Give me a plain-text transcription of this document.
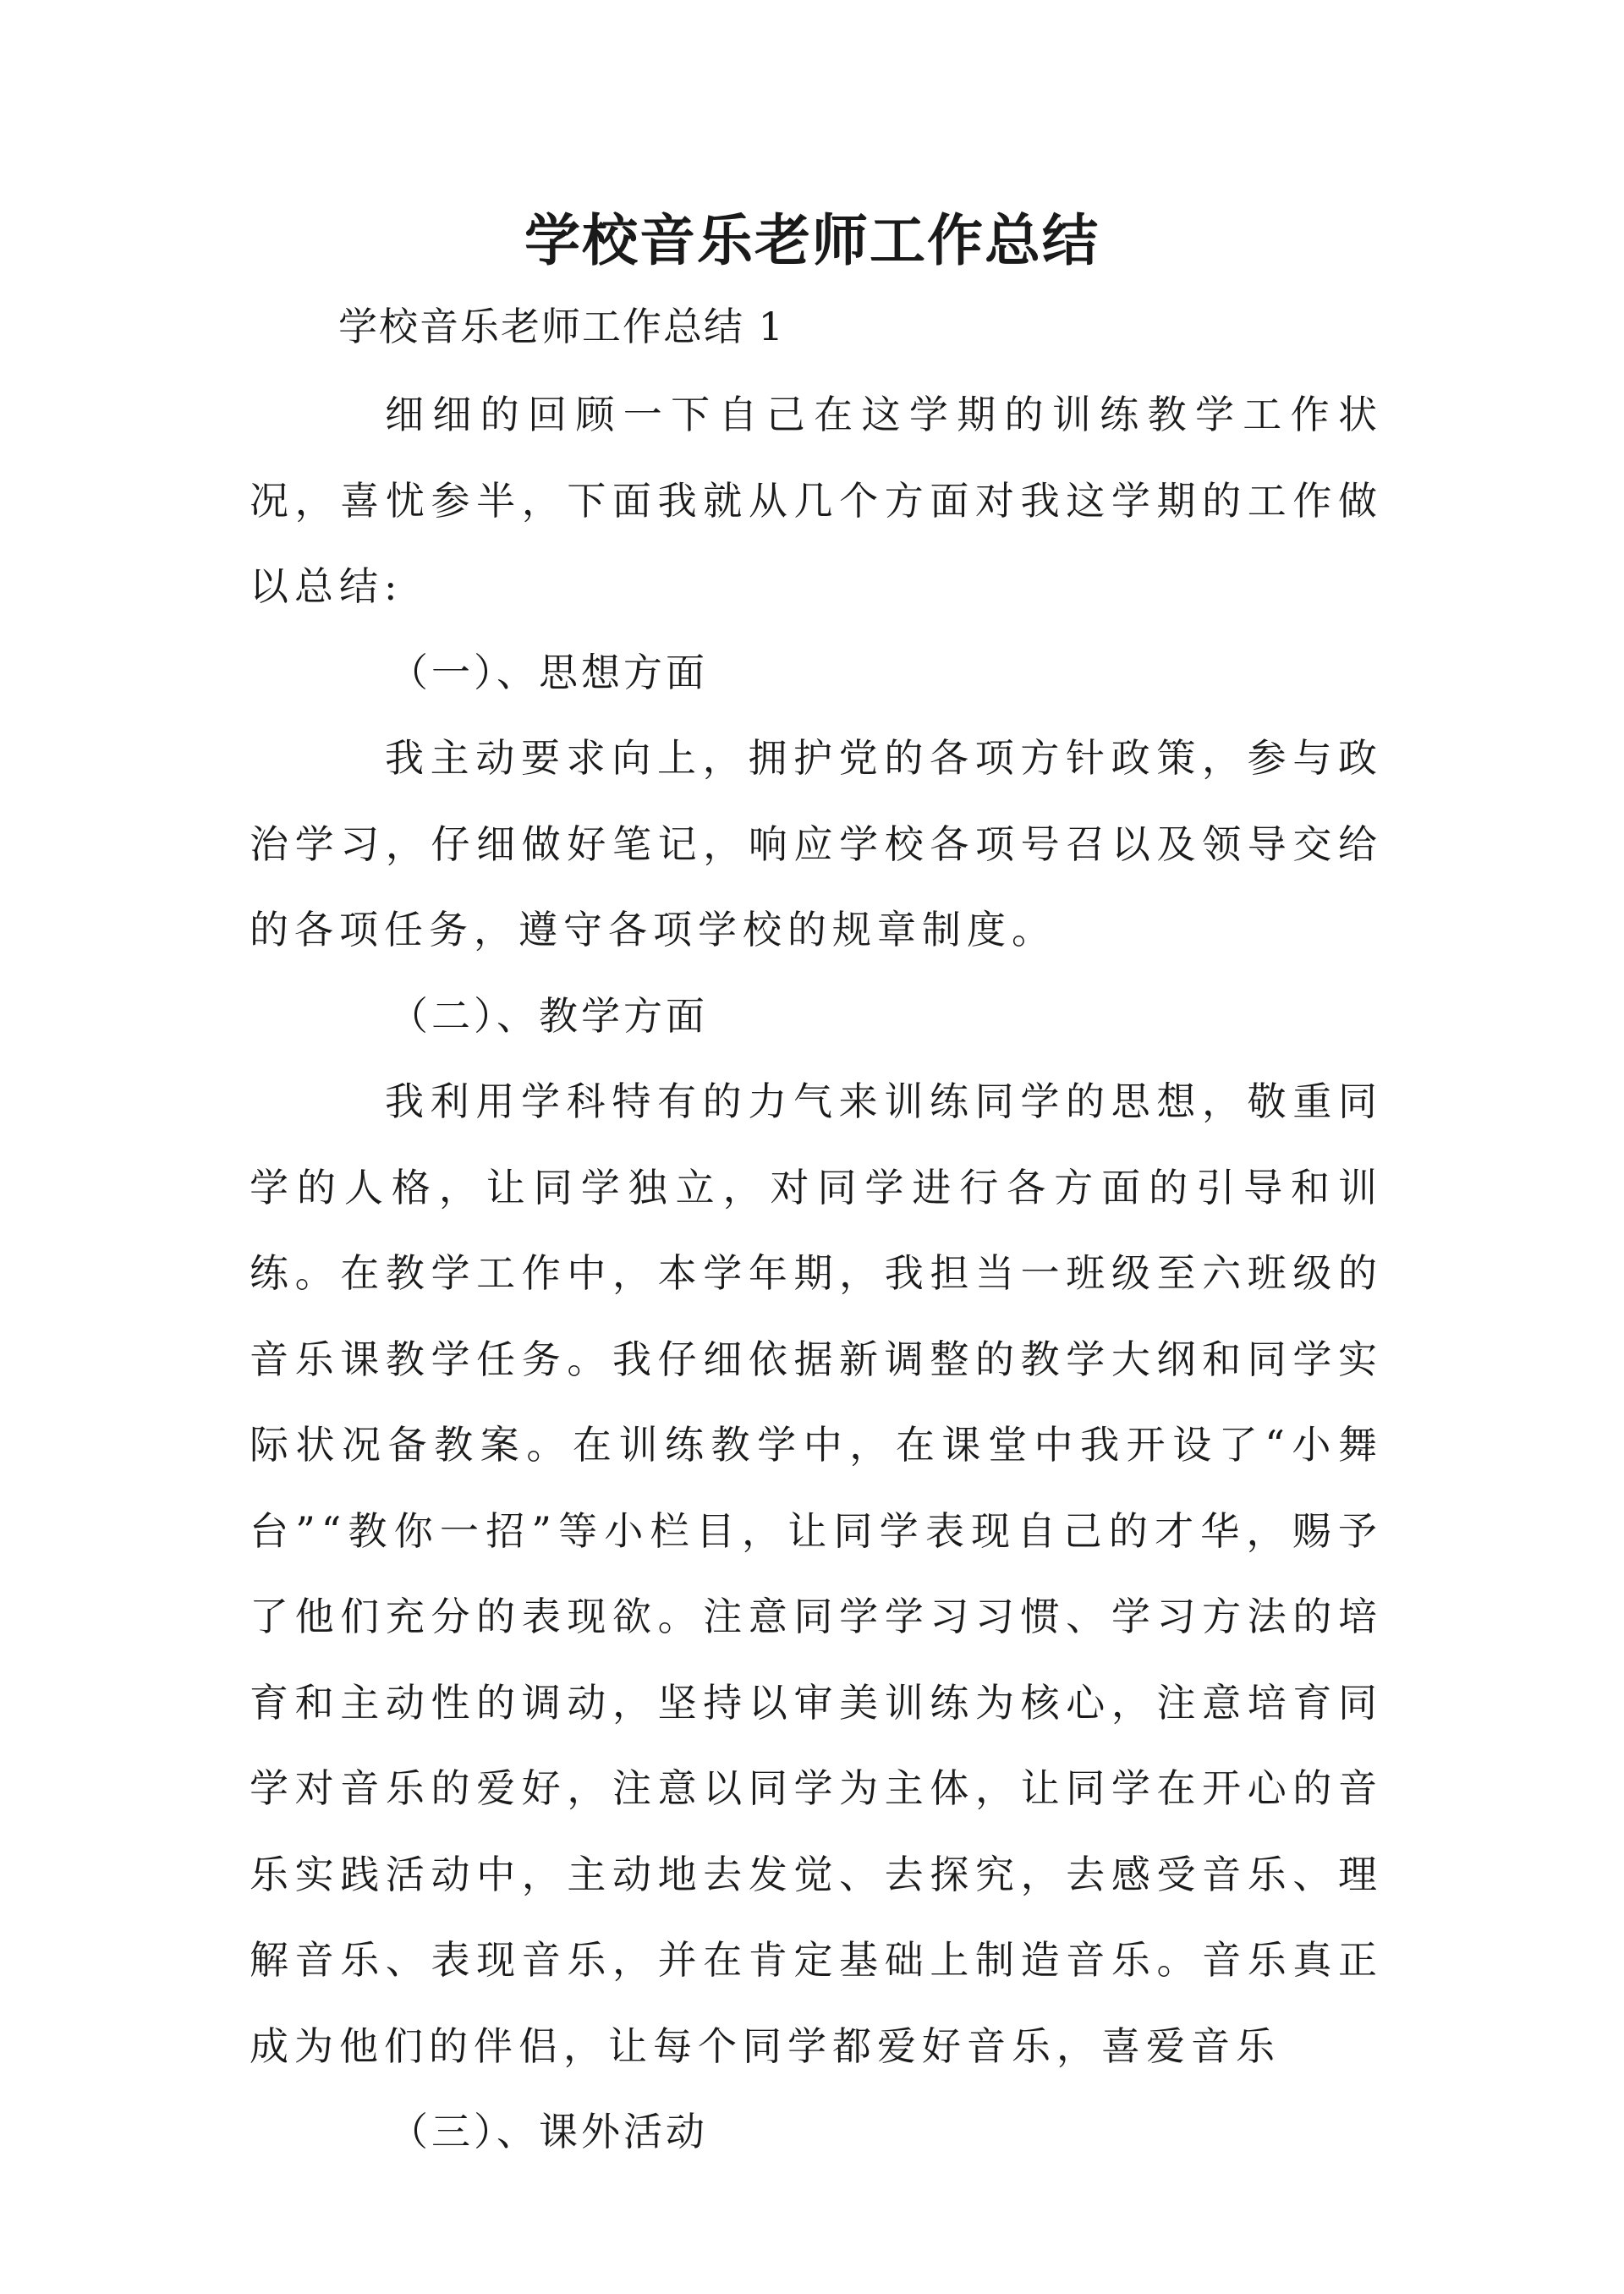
学校音乐老师工作总结

学校音乐老师工作总结 1

细细的回顾一下自己在这学期的训练教学工作状况，喜忧参半，下面我就从几个方面对我这学期的工作做以总结:

（一）、思想方面

我主动要求向上，拥护党的各项方针政策，参与政治学习，仔细做好笔记，响应学校各项号召以及领导交给的各项任务，遵守各项学校的规章制度。

（二）、教学方面

我利用学科特有的力气来训练同学的思想，敬重同学的人格，让同学独立，对同学进行各方面的引导和训练。在教学工作中，本学年期，我担当一班级至六班级的音乐课教学任务。我仔细依据新调整的教学大纲和同学实际状况备教案。在训练教学中，在课堂中我开设了“小舞台”“教你一招”等小栏目，让同学表现自己的才华，赐予了他们充分的表现欲。注意同学学习习惯、学习方法的培育和主动性的调动，坚持以审美训练为核心，注意培育同学对音乐的爱好，注意以同学为主体，让同学在开心的音乐实践活动中，主动地去发觉、去探究，去感受音乐、理解音乐、表现音乐，并在肯定基础上制造音乐。音乐真正成为他们的伴侣，让每个同学都爱好音乐，喜爱音乐

（三）、课外活动
